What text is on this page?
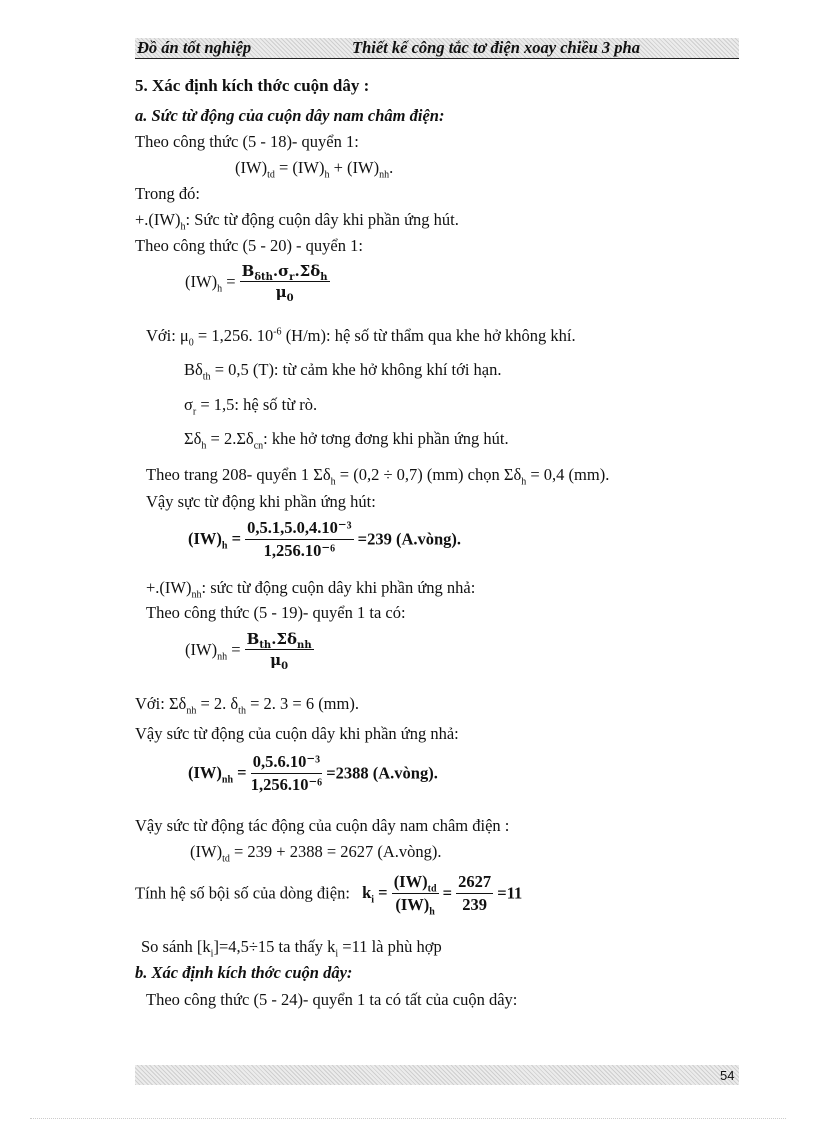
Đồ án tốt nghiệp	Thiết kế công tắc tơ điện xoay chiều 3 pha
5. Xác định kích thớc cuộn dây :
a. Sức từ động của cuộn dây nam châm điện:
Theo công thức (5 - 18)- quyển 1:
$(IW)_{td} = (IW)_h + (IW)_{nh}$.
Trong đó:
$+.(IW)_h$: Sức từ động cuộn dây khi phần ứng hút.
Theo công thức (5 - 20) - quyển 1:
$(IW)_h = \frac{B_{\delta th}.\sigma_r.\Sigma\delta_h}{\mu_0}$
Với: $\mu_0 = 1,256$. $10^{-6}$ (H/m): hệ số từ thẩm qua khe hở không khí.
$B\delta_{th} = 0,5$ (T): từ cảm khe hở không khí tới hạn.
$\sigma_r = 1,5$: hệ số từ rò.
$\Sigma\delta_h = 2.\Sigma\delta_{cn}$: khe hở tơng đơng khi phần ứng hút.
Theo trang 208- quyển 1 $\Sigma\delta_h = (0,2 \div 0,7)$ (mm) chọn $\Sigma\delta_h = 0,4$ (mm).
Vậy sực từ động khi phần ứng hút:
$(IW)_h = \frac{\text{0,5.1,5.0,4.10⁻³}}{\text{1,256.10⁻⁶}} =239$ (A.vòng).
$+.(IW)_{nh}$: sức từ động cuộn dây khi phần ứng nhả:
Theo công thức (5 - 19)- quyển 1 ta có:
$(IW)_{nh} = \frac{B_{th}.\Sigma\delta_{nh}}{\mu_0}$
Với: $\Sigma\delta_{nh} = 2$. $\delta_{th} = 2$. 3 = 6 (mm).
Vậy sức từ động của cuộn dây khi phần ứng nhả:
$(IW)_{nh} = \frac{\text{0,5.6.10⁻³}}{\text{1,256.10⁻⁶}} =2388$ (A.vòng).
Vậy sức từ động tác động của cuộn dây nam châm điện :
$(IW)_{td} = 239 + 2388 = 2627$ (A.vòng).
Tính hệ số bội số của dòng điện: $k_i = \frac{(IW)_{td}}{(IW)_h} = \frac{2627}{239} =11$
So sánh $[k_i]=4,5\div 15$ ta thấy $k_i =11$ là phù hợp
b. Xác định kích thớc cuộn dây:
Theo công thức (5 - 24)- quyển 1 ta có tất của cuộn dây:
54
